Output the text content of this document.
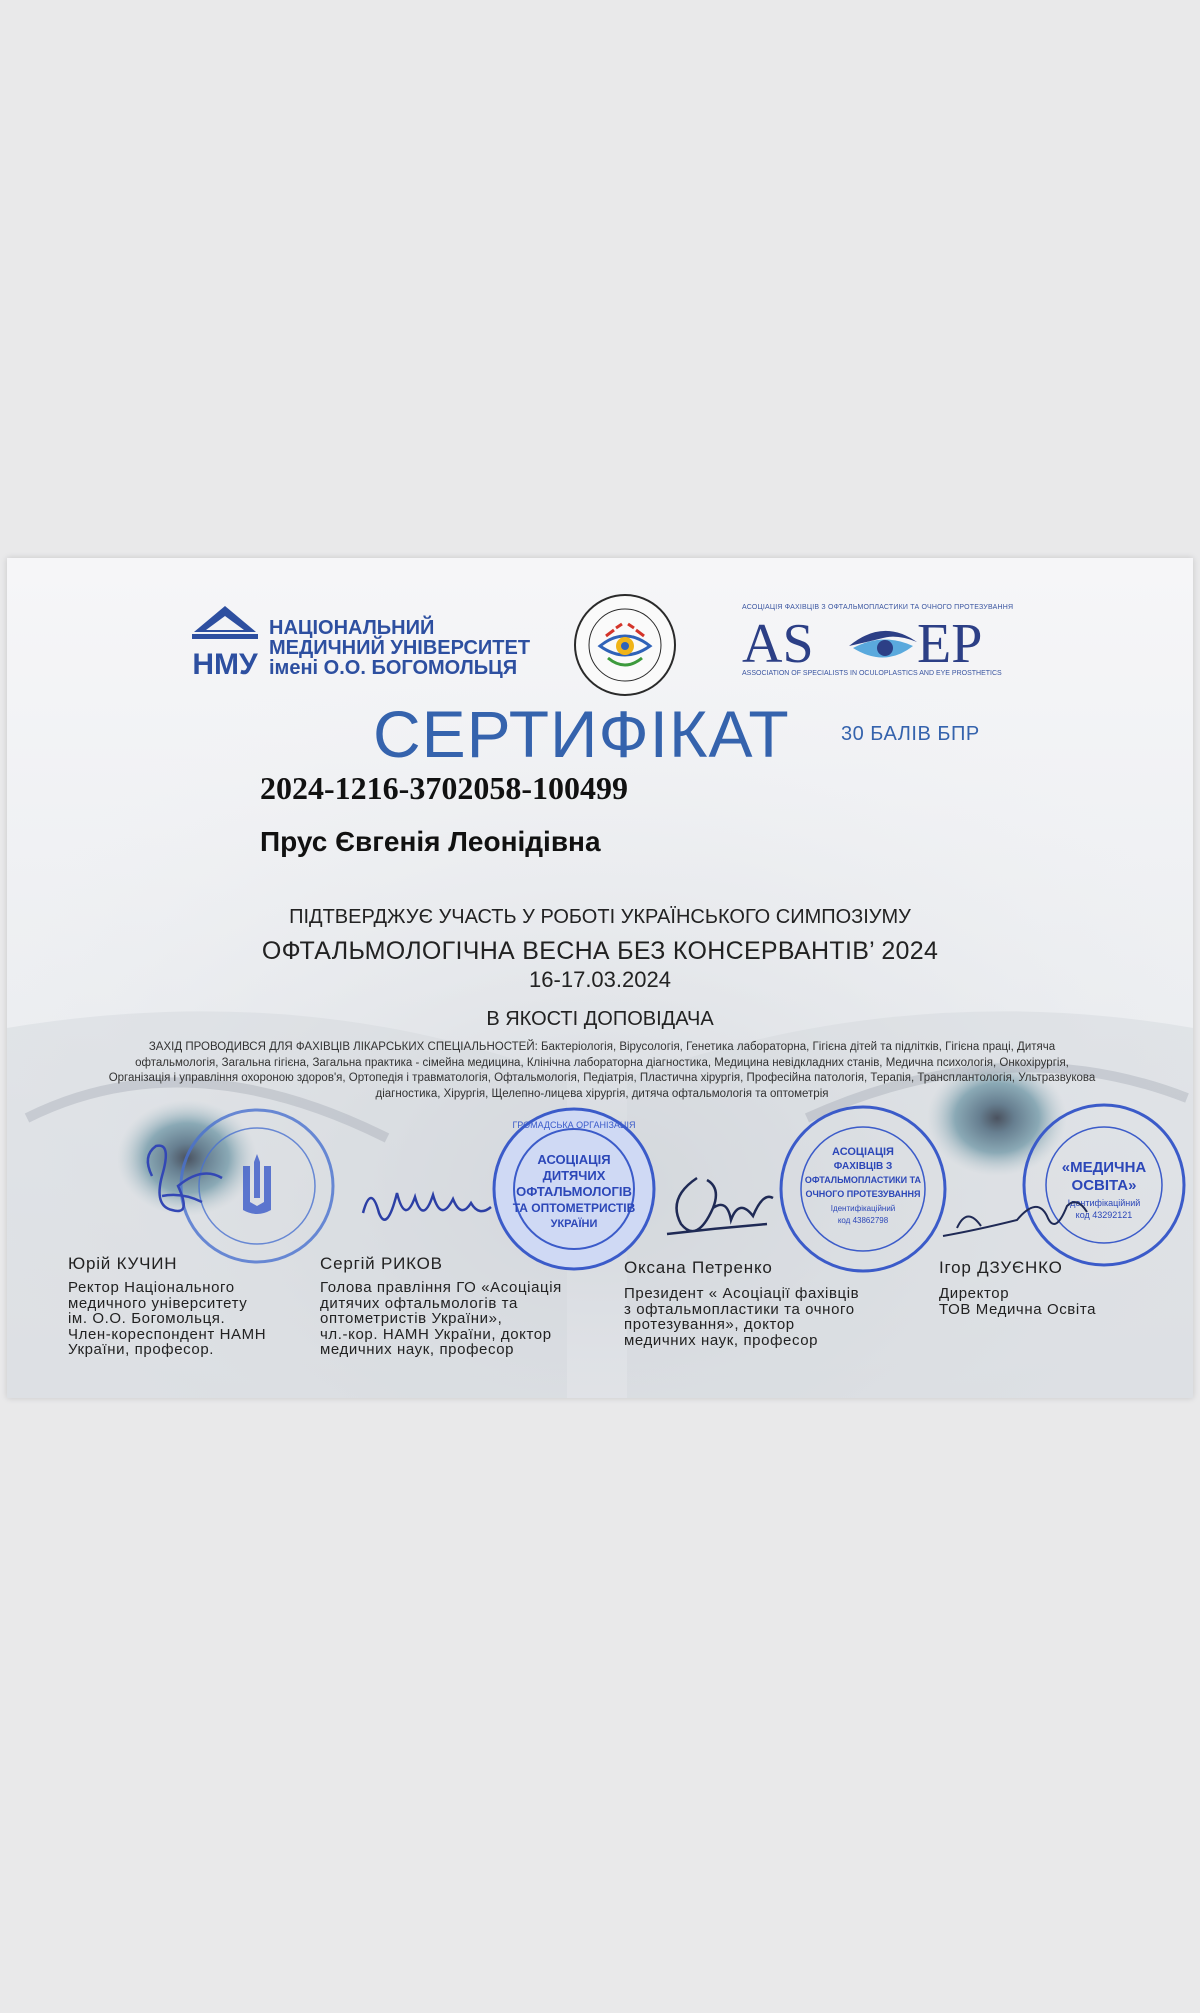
НМУ
НАЦІОНАЛЬНИЙ
МЕДИЧНИЙ УНІВЕРСИТЕТ
імені О.О. БОГОМОЛЬЦЯ
АСОЦІАЦІЯ ФАХІВЦІВ З ОФТАЛЬМОПЛАСТИКИ ТА ОЧНОГО ПРОТЕЗУВАННЯ
AS EP
ASSOCIATION OF SPECIALISTS IN OCULOPLASTICS AND EYE PROSTHETICS
СЕРТИФІКАТ	30 БАЛІВ БПР
2024-1216-3702058-100499
Прус Євгенія Леонідівна
ПІДТВЕРДЖУЄ УЧАСТЬ У РОБОТІ УКРАЇНСЬКОГО СИМПОЗІУМУ
ОФТАЛЬМОЛОГІЧНА ВЕСНА БЕЗ КОНСЕРВАНТІВ’ 2024
16-17.03.2024
В ЯКОСТІ ДОПОВІДАЧА
ЗАХІД ПРОВОДИВСЯ ДЛЯ ФАХІВЦІВ ЛІКАРСЬКИХ СПЕЦІАЛЬНОСТЕЙ: Бактеріологія, Вірусологія, Генетика лабораторна, Гігієна дітей та підлітків, Гігієна праці, Дитяча офтальмологія, Загальна гігієна, Загальна практика - сімейна медицина, Клінічна лабораторна діагностика, Медицина невідкладних станів, Медична психологія, Онкохірургія, Організація і управління охороною здоров'я, Ортопедія і травматологія, Офтальмологія, Педіатрія, Пластична хірургія, Професійна патологія, Терапія, Трансплантологія, Ультразвукова діагностика, Хірургія, Щелепно-лицева хірургія, дитяча офтальмологія та оптометрія
ГРОМАДСЬКА ОРГАНІЗАЦІЯ
АСОЦІАЦІЯ
ДИТЯЧИХ
ОФТАЛЬМОЛОГІВ
ТА ОПТОМЕТРИСТІВ
УКРАЇНИ
АСОЦІАЦІЯ
ФАХІВЦІВ З
ОФТАЛЬМОПЛАСТИКИ ТА
ОЧНОГО ПРОТЕЗУВАННЯ
Ідентифікаційний
код 43862798
«МЕДИЧНА
ОСВІТА»
Ідентифікаційний
код 43292121
Юрій КУЧИН
Ректор Національного
медичного університету
ім. О.О. Богомольця.
Член-кореспондент НАМН
України, професор.
Сергій РИКОВ
Голова правління ГО «Асоціація
дитячих офтальмологів та
оптометристів України»,
чл.-кор. НАМН України, доктор
медичних наук, професор
Оксана Петренко
Президент « Асоціації фахівців
з офтальмопластики та очного
протезування», доктор
медичних наук, професор
Ігор ДЗУЄНКО
Директор
ТОВ Медична Освіта
